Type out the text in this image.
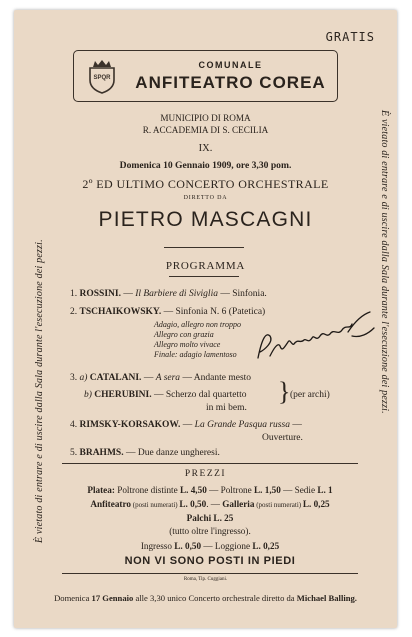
GRATIS
SPQR
COMUNALE
ANFITEATRO COREA
È vietato di entrare e di uscire dalla Sala durante l'esecuzione dei pezzi.	È vietato di entrare e di uscire dalla Sala durante l'esecuzione dei pezzi.
MUNICIPIO DI ROMA
R. ACCADEMIA DI S. CECILIA
IX.
Domenica 10 Gennaio 1909, ore 3,30 pom.
2º ED ULTIMO CONCERTO ORCHESTRALE
DIRETTO DA
PIETRO MASCAGNI
PROGRAMMA
1. ROSSINI. — Il Barbiere di Siviglia — Sinfonia.
2. TSCHAIKOWSKY. — Sinfonia N. 6 (Patetica)
Adagio, allegro non troppo
Allegro con grazia
Allegro molto vivace
Finale: adagio lamentoso
3. a) CATALANI. — A sera — Andante mesto
b) CHERUBINI. — Scherzo dal quartetto
in mi bem.
} (per archi)
4. RIMSKY-KORSAKOW. — La Grande Pasqua russa —
Ouverture.
5. BRAHMS. — Due danze ungheresi.
PREZZI
Platea: Poltrone distinte L. 4,50 — Poltrone L. 1,50 — Sedie L. 1
Anfiteatro (posti numerati) L. 0,50. — Galleria (posti numerati) L. 0,25
Palchi L. 25
(tutto oltre l'ingresso).
Ingresso L. 0,50 — Loggione L. 0,25
NON VI SONO POSTI IN PIEDI
Roma, Tip. Cuggiani.
Domenica 17 Gennaio alle 3,30 unico Concerto orchestrale diretto da Michael Balling.
